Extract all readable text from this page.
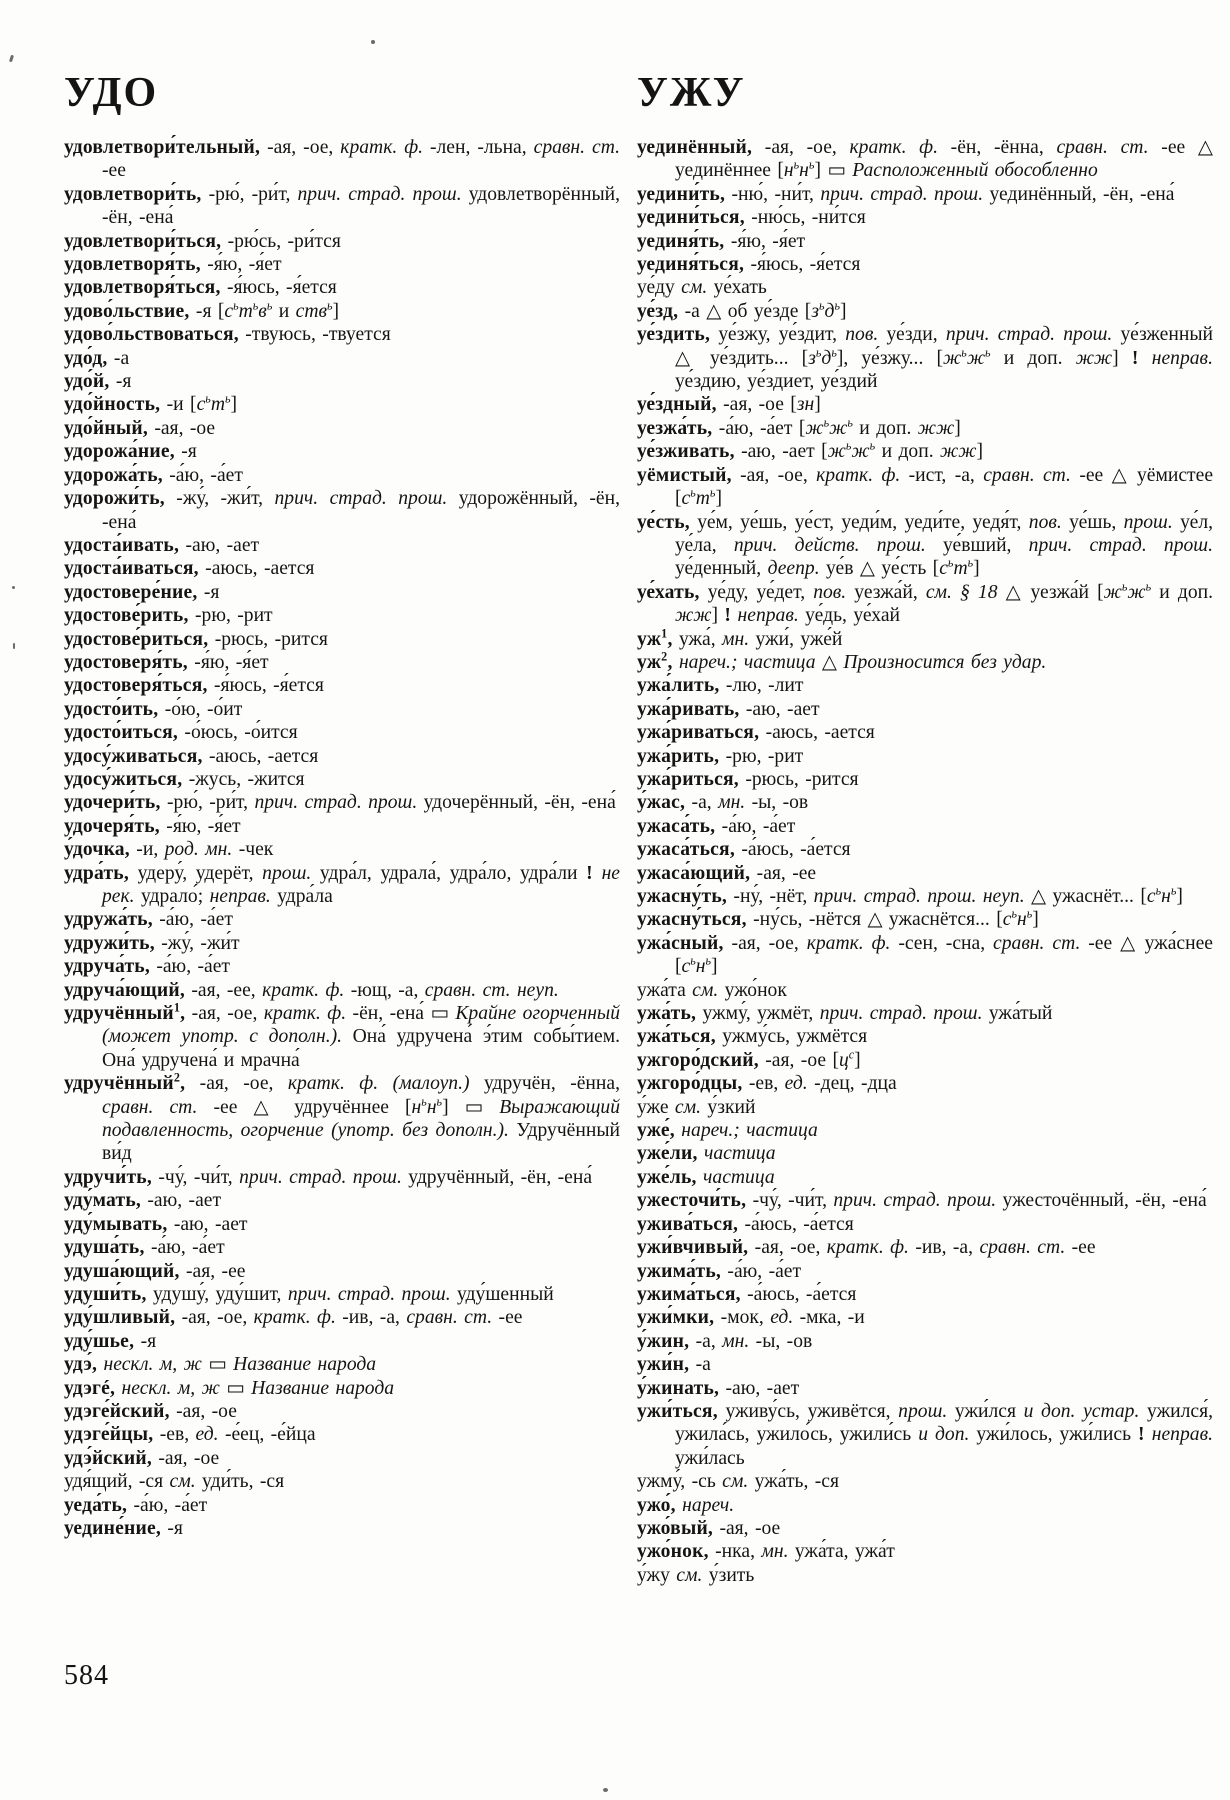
УДО

удовлетвори́тельный, -ая, -ое, кратк. ф. -лен, -льна, сравн. ст. -ее

удовлетвори́ть, -рю́, -ри́т, прич. страд. прош. удовлетворённый, -ён, -ена́

удовлетвори́ться, -рю́сь, -ри́тся

удовлетворя́ть, -я́ю, -я́ет

удовлетворя́ться, -я́юсь, -я́ется

удово́льствие, -я [$с^ьт^ьв^ь$ и ств$^ь$]

удово́льствоваться, -твуюсь, -твуется

удо́д, -а

удо́й, -я

удо́йность, -и $[с^ьт^ь]$

удо́йный, -ая, -ое

удорожа́ние, -я

удорожа́ть, -а́ю, -а́ет

удорожи́ть, -жу́, -жи́т, прич. страд. прош. удорожённый, -ён, -ена́

удоста́ивать, -аю, -ает

удоста́иваться, -аюсь, -ается

удостовере́ние, -я

удостове́рить, -рю, -рит

удостове́риться, -рюсь, -рится

удостоверя́ть, -я́ю, -я́ет

удостоверя́ться, -я́юсь, -я́ется

удосто́ить, -о́ю, -о́ит

удосто́иться, -о́юсь, -о́ится

удосу́живаться, -аюсь, -ается

удосу́житься, -жусь, -жится

удочери́ть, -рю́, -ри́т, прич. страд. прош. удочерённый, -ён, -ена́

удочеря́ть, -я́ю, -я́ет

у́дочка, -и, род. мн. -чек

удра́ть, удеру́, удерёт, прош. удра́л, удрала́, удра́ло, удра́ли ! не рек. удрало́; неправ. удра́ла

удружа́ть, -а́ю, -а́ет

удружи́ть, -жу́, -жи́т

удруча́ть, -а́ю, -а́ет

удруча́ющий, -ая, -ее, кратк. ф. -ющ, -а, сравн. ст. неуп.

удручённый$^1$, -ая, -ое, кратк. ф. -ён, -ена́ ▭ Крайне огорченный (может употр. с дополн.). Она́ удручена́ э́тим собы́тием. Она́ удручена́ и мрачна́

удручённый$^2$, -ая, -ое, кратк. ф. (малоуп.) удручён, -ённа, сравн. ст. -ее △ удручённее $[н^ьн^ь]$ ▭ Выражающий подавленность, огорчение (употр. без дополн.). Удручённый ви́д

удручи́ть, -чу́, -чи́т, прич. страд. прош. удручённый, -ён, -ена́

уду́мать, -аю, -ает

уду́мывать, -аю, -ает

удуша́ть, -а́ю, -а́ет

удуша́ющий, -ая, -ее

удуши́ть, удушу́, уду́шит, прич. страд. прош. уду́шенный

уду́шливый, -ая, -ое, кратк. ф. -ив, -а, сравн. ст. -ее

уду́шье, -я

удэ́, нескл. м, ж ▭ Название народа

удэгé, нескл. м, ж ▭ Название народа

удэге́йский, -ая, -ое

удэге́йцы, -ев, ед. -е́ец, -е́йца

удэ́йский, -ая, -ое

удя́щий, -ся см. уди́ть, -ся

уеда́ть, -а́ю, -а́ет

уедине́ние, -я

УЖУ

уединённый, -ая, -ое, кратк. ф. -ён, -ённа, сравн. ст. -ее △ уединённее $[н^ьн^ь]$ ▭ Расположенный обособленно

уедини́ть, -ню́, -ни́т, прич. страд. прош. уединённый, -ён, -ена́

уедини́ться, -ню́сь, -ни́тся

уединя́ть, -я́ю, -я́ет

уединя́ться, -я́юсь, -я́ется

уе́ду см. уе́хать

уе́зд, -а △ об уе́зде $[з^ьд^ь]$

уе́здить, уе́зжу, уе́здит, пов. уе́зди, прич. страд. прош. уе́зженный △ уе́здить... $[з^ьд^ь]$, уе́зжу... [$ж^ьж^ь$ и доп. жж] ! неправ. уе́здию, уе́здиет, уе́здий

уе́здный, -ая, -ое [зн]

уезжа́ть, -а́ю, -а́ет [$ж^ьж^ь$ и доп. жж]

уе́зживать, -аю, -ает [$ж^ьж^ь$ и доп. жж]

уёмистый, -ая, -ое, кратк. ф. -ист, -а, сравн. ст. -ее △ уёмистее $[с^ьт^ь]$

уе́сть, уе́м, уе́шь, уе́ст, уеди́м, уеди́те, уедя́т, пов. уе́шь, прош. уе́л, уе́ла, прич. действ. прош. уе́вший, прич. страд. прош. уе́денный, деепр. уе́в △ уе́сть $[с^ьт^ь]$

уе́хать, уе́ду, уе́дет, пов. уезжа́й, см. § 18 △ уезжа́й [$ж^ьж^ь$ и доп. жж] ! неправ. уе́дь, уе́хай

$уж^1$, ужа́, мн. ужи́, уже́й

$уж^2$, нареч.; частица △ Произносится без удар.

ужа́лить, -лю, -лит

ужа́ривать, -аю, -ает

ужа́риваться, -аюсь, -ается

ужа́рить, -рю, -рит

ужа́риться, -рюсь, -рится

у́жас, -а, мн. -ы, -ов

ужаса́ть, -а́ю, -а́ет

ужаса́ться, -а́юсь, -а́ется

ужаса́ющий, -ая, -ее

ужасну́ть, -ну́, -нёт, прич. страд. прош. неуп. △ ужаснёт... $[с^ьн^ь]$

ужасну́ться, -ну́сь, -нётся △ ужаснётся... $[с^ьн^ь]$

ужа́сный, -ая, -ое, кратк. ф. -сен, -сна, сравн. ст. -ее △ ужа́снее $[с^ьн^ь]$

ужа́та см. ужо́нок

ужа́ть, ужму́, ужмёт, прич. страд. прош. ужа́тый

ужа́ться, ужму́сь, ужмётся

ужгоро́дский, -ая, -ое $[ц^с]$

ужгоро́дцы, -ев, ед. -дец, -дца

у́же см. у́зкий

уже́, нареч.; частица

уже́ли, частица

уже́ль, частица

ужесточи́ть, -чу́, -чи́т, прич. страд. прош. ужесточённый, -ён, -ена́

ужива́ться, -а́юсь, -а́ется

ужи́вчивый, -ая, -ое, кратк. ф. -ив, -а, сравн. ст. -ее

ужима́ть, -а́ю, -а́ет

ужима́ться, -а́юсь, -а́ется

ужи́мки, -мок, ед. -мка, -и

у́жин, -а, мн. -ы, -ов

ужи́н, -а

у́жинать, -аю, -ает

ужи́ться, уживу́сь, уживётся, прош. ужи́лся и доп. устар. ужился́, ужила́сь, ужило́сь, ужили́сь и доп. ужи́лось, ужи́лись ! неправ. ужи́лась

ужму́, -сь см. ужа́ть, -ся

ужо́, нареч.

ужо́вый, -ая, -ое

ужо́нок, -нка, мн. ужа́та, ужа́т

у́жу см. у́зить

584
